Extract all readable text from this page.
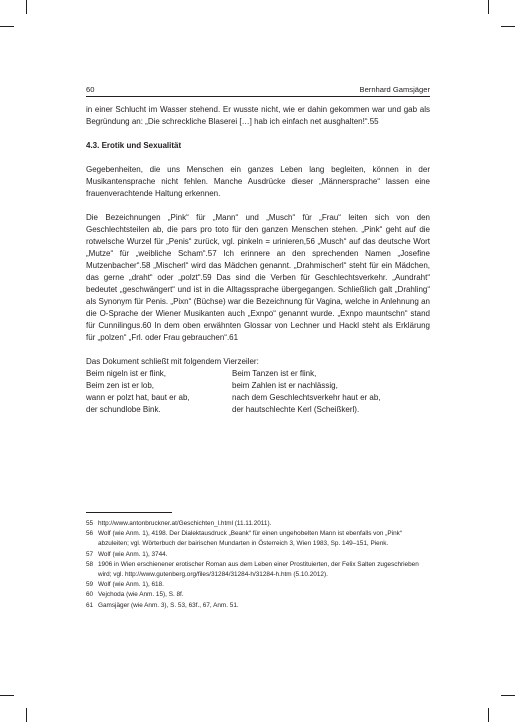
60	Bernhard Gamsjäger

in einer Schlucht im Wasser stehend. Er wusste nicht, wie er dahin gekommen war und gab als Begründung an: „Die schreckliche Blaserei […] hab ich einfach net ausghalten!“.55

4.3. Erotik und Sexualität

Gegebenheiten, die uns Menschen ein ganzes Leben lang begleiten, können in der Musikantensprache nicht fehlen. Manche Ausdrücke dieser „Männersprache“ lassen eine frauenverachtende Haltung erkennen.

Die Bezeichnungen „Pink“ für „Mann“ und „Musch“ für „Frau“ leiten sich von den Geschlechtsteilen ab, die pars pro toto für den ganzen Menschen stehen. „Pink“ geht auf die rotwelsche Wurzel für „Penis“ zurück, vgl. pinkeln = urinieren,56 „Musch“ auf das deutsche Wort „Mutze“ für „weibliche Scham“.57 Ich erinnere an den sprechenden Namen „Josefine Mutzenbacher“.58 „Mischerl“ wird das Mädchen genannt. „Drahmischerl“ steht für ein Mädchen, das gerne „draht“ oder „polzt“.59 Das sind die Verben für Geschlechtsverkehr. „Aundraht“ bedeutet „geschwängert“ und ist in die Alltagssprache übergegangen. Schließlich galt „Drahling“ als Synonym für Penis. „Pixn“ (Büchse) war die Bezeichnung für Vagina, welche in Anlehnung an die O-Sprache der Wiener Musikanten auch „Exnpo“ genannt wurde. „Exnpo mauntschn“ stand für Cunnilingus.60 In dem oben erwähnten Glossar von Lechner und Hackl steht als Erklärung für „polzen“ „Frl. oder Frau gebrauchen“.61

Das Dokument schließt mit folgendem Vierzeiler:

Beim nigeln ist er flink,	Beim Tanzen ist er flink,
Beim zen ist er lob,	beim Zahlen ist er nachlässig,
wann er polzt hat, baut er ab,	nach dem Geschlechtsverkehr haut er ab,
der schundlobe Bink.	der hautschlechte Kerl (Scheißkerl).
55 http://www.antonbruckner.at/Geschichten_l.html (11.11.2011).
56 Wolf (wie Anm. 1), 4198. Der Dialektausdruck „Beank“ für einen ungehobelten Mann ist ebenfalls von „Pink“ abzuleiten; vgl. Wörterbuch der bairischen Mundarten in Österreich 3, Wien 1983, Sp. 149–151, Pienk.
57 Wolf (wie Anm. 1), 3744.
58 1906 in Wien erschienener erotischer Roman aus dem Leben einer Prostituierten, der Felix Salten zugeschrieben wird; vgl. http://www.gutenberg.org/files/31284/31284-h/31284-h.htm (5.10.2012).
59 Wolf (wie Anm. 1), 618.
60 Vejchoda (wie Anm. 15), S. 8f.
61 Gamsjäger (wie Anm. 3), S. 53, 63f., 67, Anm. 51.
